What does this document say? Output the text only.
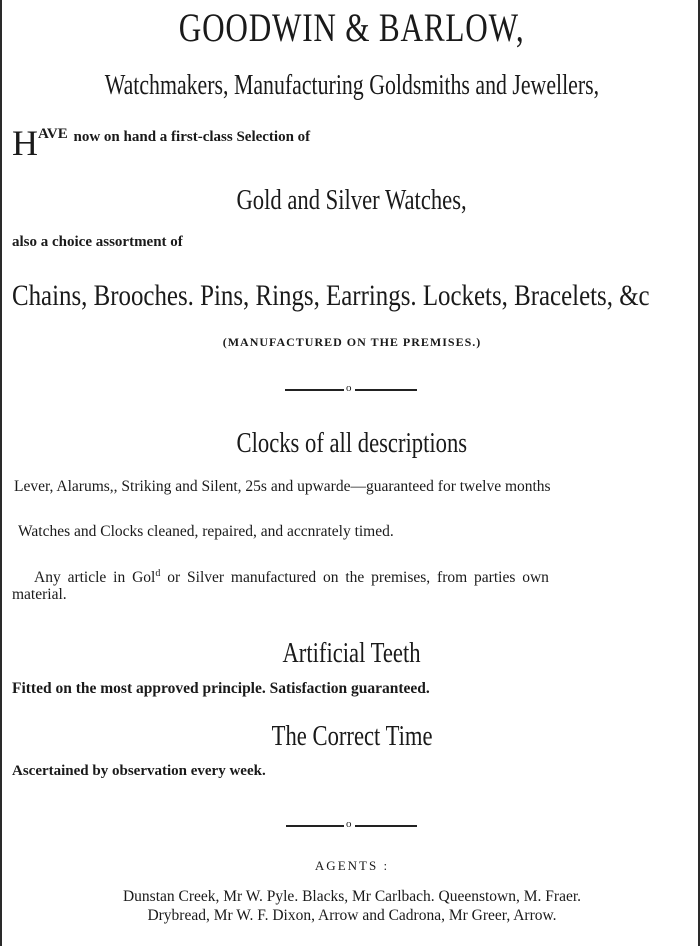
GOODWIN & BARLOW,
Watchmakers, Manufacturing Goldsmiths and Jewellers,
HAVE now on hand a first-class Selection of
Gold and Silver Watches,
also a choice assortment of
Chains, Brooches. Pins, Rings, Earrings. Lockets, Bracelets, &c
(MANUFACTURED ON THE PREMISES.)
o
Clocks of all descriptions
Lever, Alarums,, Striking and Silent, 25s and upwarde—guaranteed for twelve months
Watches and Clocks cleaned, repaired, and accnrately timed.
Any article in Gol$^d$ or Silver manufactured on the premises, from parties own
material.
Artificial Teeth
Fitted on the most approved principle. Satisfaction guaranteed.
The Correct Time
Ascertained by observation every week.
o
AGENTS :
Dunstan Creek, Mr W. Pyle. Blacks, Mr Carlbach. Queenstown, M. Fraer.
Drybread, Mr W. F. Dixon, Arrow and Cadrona, Mr Greer, Arrow.
